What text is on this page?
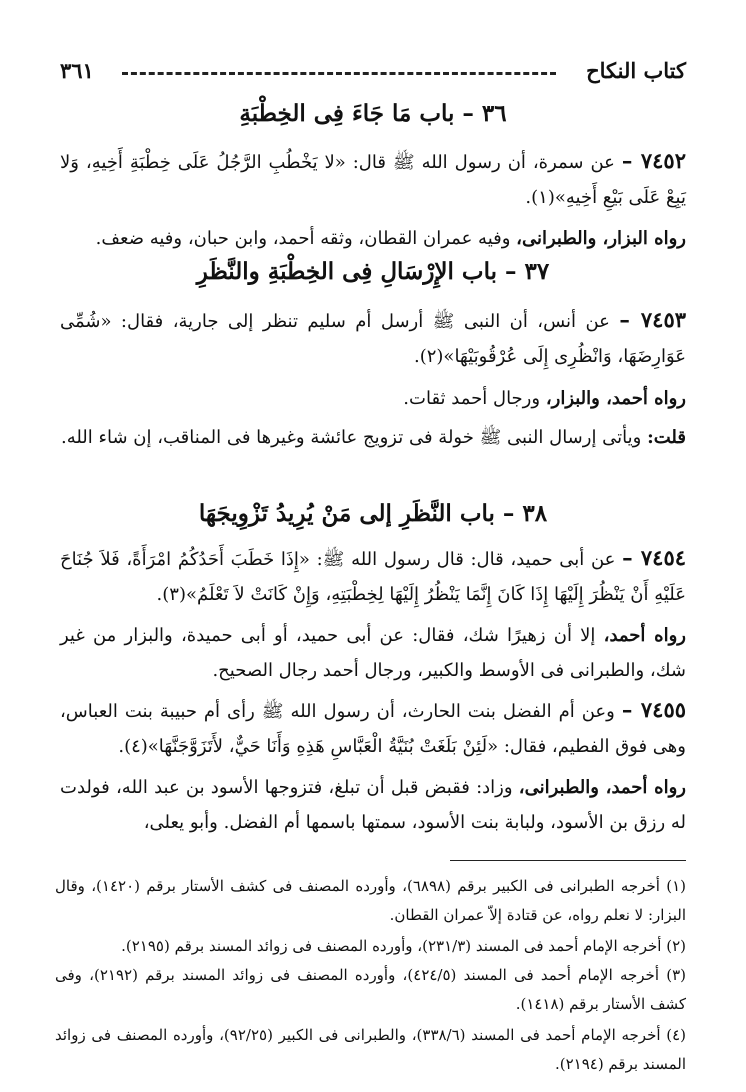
كتاب النكاح
٣٦١
٣٦ – باب مَا جَاءَ فِى الخِطْبَةِ
٧٤٥٢ – عن سمرة، أن رسول الله ﷺ قال: «لا يَخْطُبِ الرَّجُلُ عَلَى خِطْبَةِ أَخِيهِ، وَلا يَبِعْ عَلَى بَيْعِ أَخِيهِ»(١).
رواه البزار، والطبرانى، وفيه عمران القطان، وثقه أحمد، وابن حبان، وفيه ضعف.
٣٧ – باب الإِرْسَالِ فِى الخِطْبَةِ والنَّظَرِ
٧٤٥٣ – عن أنس، أن النبى ﷺ أرسل أم سليم تنظر إلى جارية، فقال: «شُمِّى عَوَارِضَهَا، وَانْظُرِى إِلَى عُرْقُوبَيْهَا»(٢).
رواه أحمد، والبزار، ورجال أحمد ثقات.
قلت: ويأتى إرسال النبى ﷺ خولة فى تزويج عائشة وغيرها فى المناقب، إن شاء الله.
٣٨ – باب النَّظَرِ إلى مَنْ يُرِيدُ تَزْوِيجَهَا
٧٤٥٤ – عن أبى حميد، قال: قال رسول الله ﷺ: «إِذَا خَطَبَ أَحَدُكُمُ امْرَأَةً، فَلاَ جُنَاحَ عَلَيْهِ أَنْ يَنْظُرَ إِلَيْهَا إِذَا كَانَ إِنَّمَا يَنْظُرُ إِلَيْهَا لِخِطْبَتِهِ، وَإِنْ كَانَتْ لاَ تَعْلَمُ»(٣).
رواه أحمد، إلا أن زهيرًا شك، فقال: عن أبى حميد، أو أبى حميدة، والبزار من غير شك، والطبرانى فى الأوسط والكبير، ورجال أحمد رجال الصحيح.
٧٤٥٥ – وعن أم الفضل بنت الحارث، أن رسول الله ﷺ رأى أم حبيبة بنت العباس، وهى فوق الفطيم، فقال: «لَئِنْ بَلَغَتْ بُنَيَّةُ الْعَبَّاسِ هَذِهِ وَأَنَا حَيٌّ، لأَتَزَوَّجَنَّهَا»(٤).
رواه أحمد، والطبرانى، وزاد: فقبض قبل أن تبلغ، فتزوجها الأسود بن عبد الله، فولدت له رزق بن الأسود، ولبابة بنت الأسود، سمتها باسمها أم الفضل. وأبو يعلى،
(١) أخرجه الطبرانى فى الكبير برقم (٦٨٩٨)، وأورده المصنف فى كشف الأستار برقم (١٤٢٠)، وقال البزار: لا نعلم رواه، عن قتادة إلاّ عمران القطان.
(٢) أخرجه الإمام أحمد فى المسند (٢٣١/٣)، وأورده المصنف فى زوائد المسند برقم (٢١٩٥).
(٣) أخرجه الإمام أحمد فى المسند (٤٢٤/٥)، وأورده المصنف فى زوائد المسند برقم (٢١٩٢)، وفى كشف الأستار برقم (١٤١٨).
(٤) أخرجه الإمام أحمد فى المسند (٣٣٨/٦)، والطبرانى فى الكبير (٩٢/٢٥)، وأورده المصنف فى زوائد المسند برقم (٢١٩٤).
